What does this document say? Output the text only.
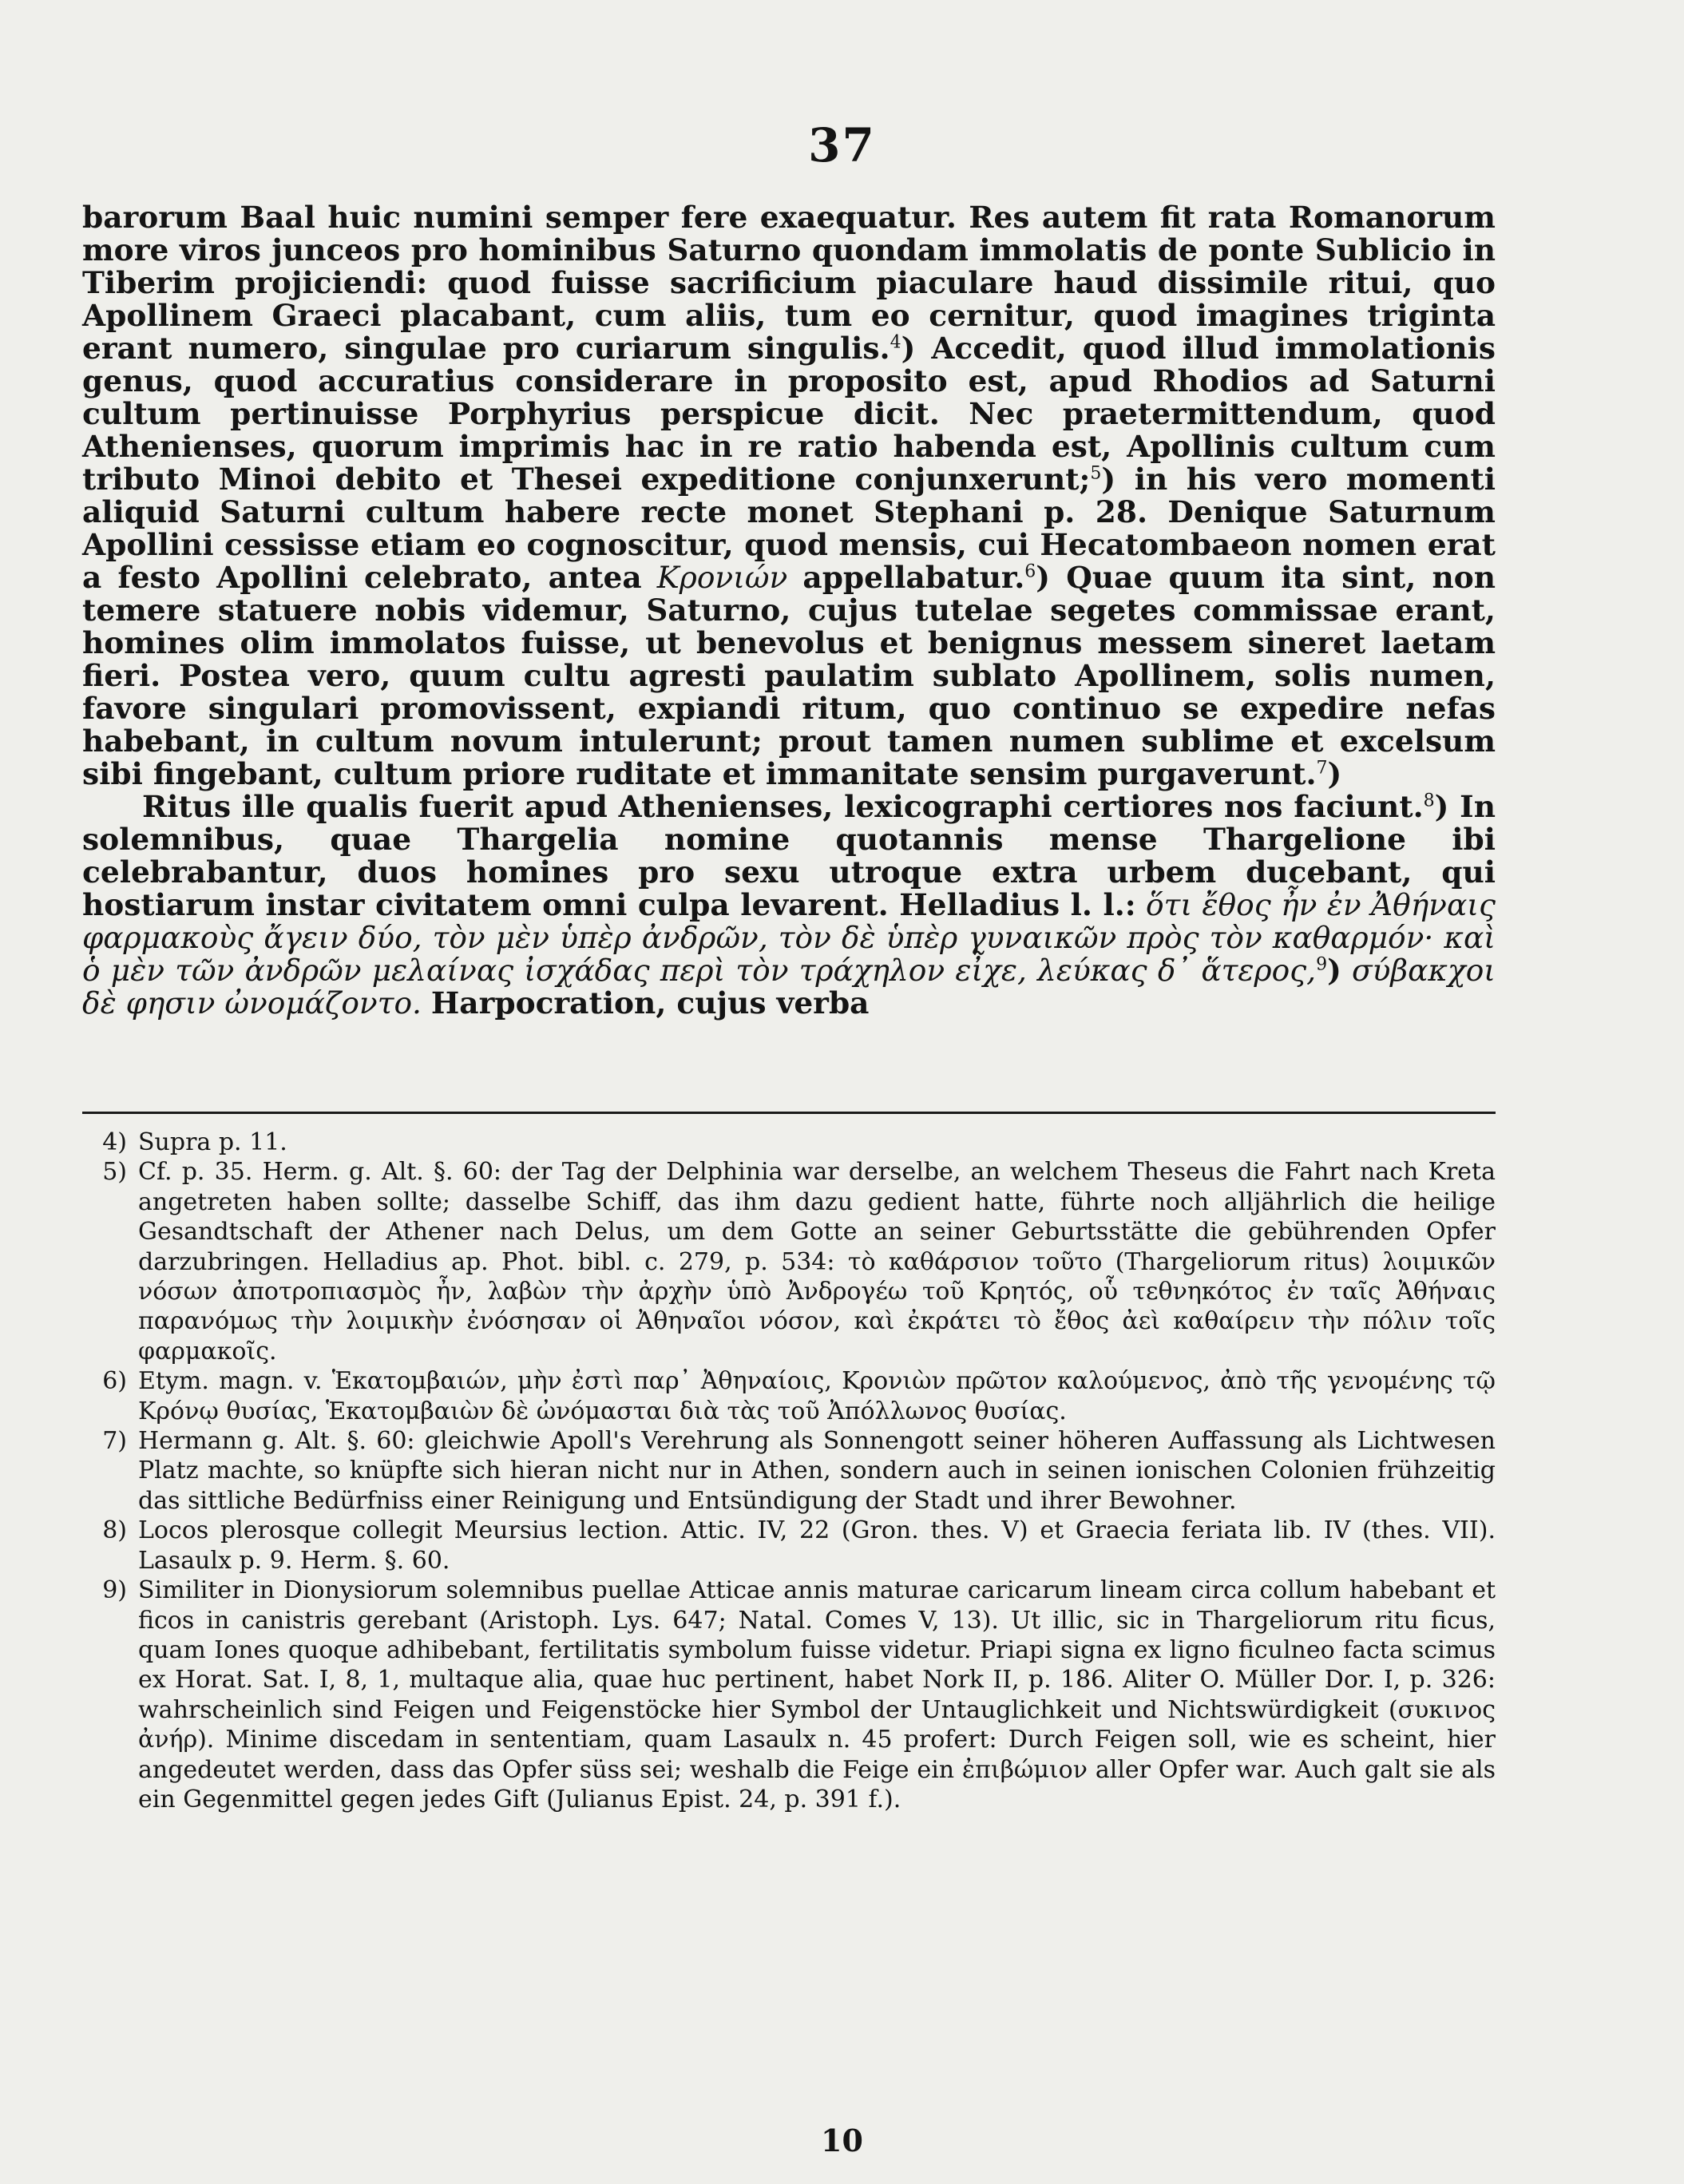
37

barorum Baal huic numini semper fere exaequatur. Res autem fit rata Romanorum more viros junceos pro hominibus Saturno quondam immolatis de ponte Sublicio in Tiberim projiciendi: quod fuisse sacrificium piaculare haud dissimile ritui, quo Apollinem Graeci placabant, cum aliis, tum eo cernitur, quod imagines triginta erant numero, singulae pro curiarum singulis.$^4$) Accedit, quod illud immolationis genus, quod accuratius considerare in proposito est, apud Rhodios ad Saturni cultum pertinuisse Porphyrius perspicue dicit. Nec praetermittendum, quod Athenienses, quorum imprimis hac in re ratio habenda est, Apollinis cultum cum tributo Minoi debito et Thesei expeditione conjunxerunt;$^5$) in his vero momenti aliquid Saturni cultum habere recte monet Stephani p. 28. Denique Saturnum Apollini cessisse etiam eo cognoscitur, quod mensis, cui Hecatombaeon nomen erat a festo Apollini celebrato, antea Κρονιών appellabatur.$^6$) Quae quum ita sint, non temere statuere nobis videmur, Saturno, cujus tutelae segetes commissae erant, homines olim immolatos fuisse, ut benevolus et benignus messem sineret laetam fieri. Postea vero, quum cultu agresti paulatim sublato Apollinem, solis numen, favore singulari promovissent, expiandi ritum, quo continuo se expedire nefas habebant, in cultum novum intulerunt; prout tamen numen sublime et excelsum sibi fingebant, cultum priore ruditate et immanitate sensim purgaverunt.$^7$)

Ritus ille qualis fuerit apud Athenienses, lexicographi certiores nos faciunt.$^8$) In solemnibus, quae Thargelia nomine quotannis mense Thargelione ibi celebrabantur, duos homines pro sexu utroque extra urbem ducebant, qui hostiarum instar civitatem omni culpa levarent. Helladius l. l.: ὅτι ἔθος ἦν ἐν Ἀθήναις φαρμακοὺς ἄγειν δύο, τὸν μὲν ὑπὲρ ἀνδρῶν, τὸν δὲ ὑπὲρ γυναικῶν πρὸς τὸν καθαρμόν· καὶ ὁ μὲν τῶν ἀνδρῶν μελαίνας ἰσχάδας περὶ τὸν τράχηλον εἶχε, λεύκας δ᾽ ἅτερος,$^9$) σύβακχοι δὲ φησιν ὠνομάζοντο. Harpocration, cujus verba

4) Supra p. 11.
5) Cf. p. 35. Herm. g. Alt. §. 60: der Tag der Delphinia war derselbe, an welchem Theseus die Fahrt nach Kreta angetreten haben sollte; dasselbe Schiff, das ihm dazu gedient hatte, führte noch alljährlich die heilige Gesandtschaft der Athener nach Delus, um dem Gotte an seiner Geburtsstätte die gebührenden Opfer darzubringen. Helladius ap. Phot. bibl. c. 279, p. 534: τὸ καθάρσιον τοῦτο (Thargeliorum ritus) λοιμικῶν νόσων ἀποτροπιασμὸς ἦν, λαβὼν τὴν ἀρχὴν ὑπὸ Ἀνδρογέω τοῦ Κρητός, οὗ τεθνηκότος ἐν ταῖς Ἀθήναις παρανόμως τὴν λοιμικὴν ἐνόσησαν οἱ Ἀθηναῖοι νόσον, καὶ ἐκράτει τὸ ἔθος ἀεὶ καθαίρειν τὴν πόλιν τοῖς φαρμακοῖς.
6) Etym. magn. v. Ἑκατομβαιών, μὴν ἐστὶ παρ᾽ Ἀθηναίοις, Κρονιὼν πρῶτον καλούμενος, ἀπὸ τῆς γενομένης τῷ Κρόνῳ θυσίας, Ἑκατομβαιὼν δὲ ὠνόμασται διὰ τὰς τοῦ Ἀπόλλωνος θυσίας.
7) Hermann g. Alt. §. 60: gleichwie Apoll's Verehrung als Sonnengott seiner höheren Auffassung als Lichtwesen Platz machte, so knüpfte sich hieran nicht nur in Athen, sondern auch in seinen ionischen Colonien frühzeitig das sittliche Bedürfniss einer Reinigung und Entsündigung der Stadt und ihrer Bewohner.
8) Locos plerosque collegit Meursius lection. Attic. IV, 22 (Gron. thes. V) et Graecia feriata lib. IV (thes. VII). Lasaulx p. 9. Herm. §. 60.
9) Similiter in Dionysiorum solemnibus puellae Atticae annis maturae caricarum lineam circa collum habebant et ficos in canistris gerebant (Aristoph. Lys. 647; Natal. Comes V, 13). Ut illic, sic in Thargeliorum ritu ficus, quam Iones quoque adhibebant, fertilitatis symbolum fuisse videtur. Priapi signa ex ligno ficulneo facta scimus ex Horat. Sat. I, 8, 1, multaque alia, quae huc pertinent, habet Nork II, p. 186. Aliter O. Müller Dor. I, p. 326: wahrscheinlich sind Feigen und Feigenstöcke hier Symbol der Untauglichkeit und Nichtswürdigkeit (συκινος ἀνήρ). Minime discedam in sententiam, quam Lasaulx n. 45 profert: Durch Feigen soll, wie es scheint, hier angedeutet werden, dass das Opfer süss sei; weshalb die Feige ein ἐπιβώμιον aller Opfer war. Auch galt sie als ein Gegenmittel gegen jedes Gift (Julianus Epist. 24, p. 391 f.).
10
